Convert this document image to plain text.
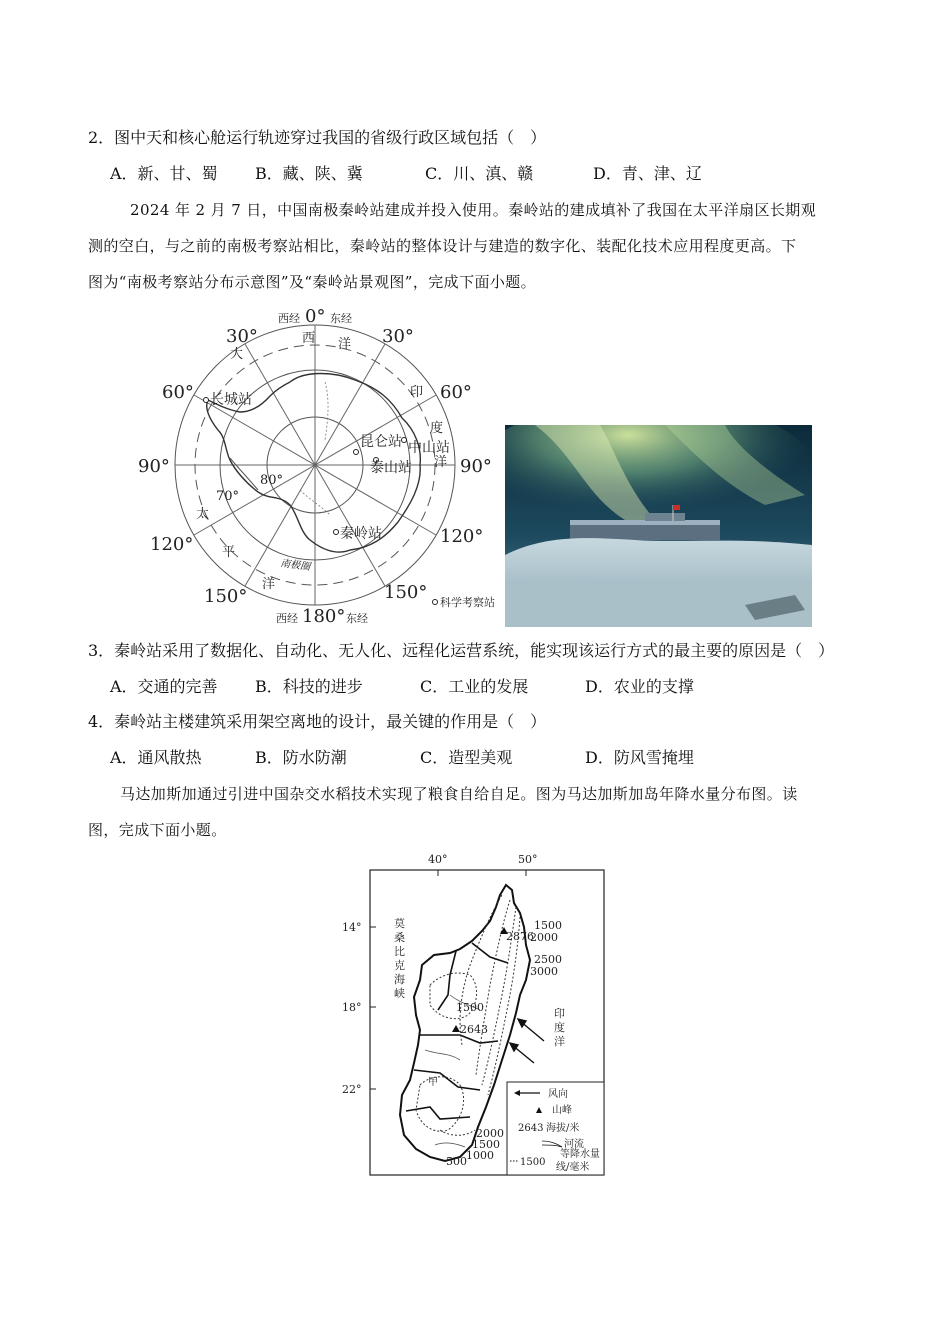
2．图中天和核心舱运行轨迹穿过我国的省级行政区域包括（　）
A．新、甘、蜀 B．藏、陕、冀	C．川、滇、赣	D．青、津、辽
2024 年 2 月 7 日，中国南极秦岭站建成并投入使用。秦岭站的建成填补了我国在太平洋扇区长期观
测的空白，与之前的南极考察站相比，秦岭站的整体设计与建造的数字化、装配化技术应用程度更高。下
图为“南极考察站分布示意图”及“秦岭站景观图”，完成下面小题。
西经 0° 东经
30°	30°
60°	60°
90°	90°
120°	120°
150°	150°
西经 180° 东经
80°
70°
大
西 洋
印
度
洋
太
平
洋
南极圈
长城站
昆仑站 中山站
泰山站
秦岭站
科学考察站
3．秦岭站采用了数据化、自动化、无人化、远程化运营系统，能实现该运行方式的最主要的原因是（　）
A．交通的完善 B．科技的进步	C．工业的发展	D．农业的支撑
4．秦岭站主楼建筑采用架空离地的设计，最关键的作用是（　）
A．通风散热	B．防水防潮	C．造型美观	D．防风雪掩埋
马达加斯加通过引进中国杂交水稻技术实现了粮食自给自足。图为马达加斯加岛年降水量分布图。读
图，完成下面小题。
40°	50°
14°
18°
22°
莫
桑
比
克
海
峡
印
度
洋
2876
2643
甲
1500
2000
2500
3000
1500
2000
1500
1000
500
风向
山峰
2643 海拔/米
河流
1500
等降水量
线/毫米
